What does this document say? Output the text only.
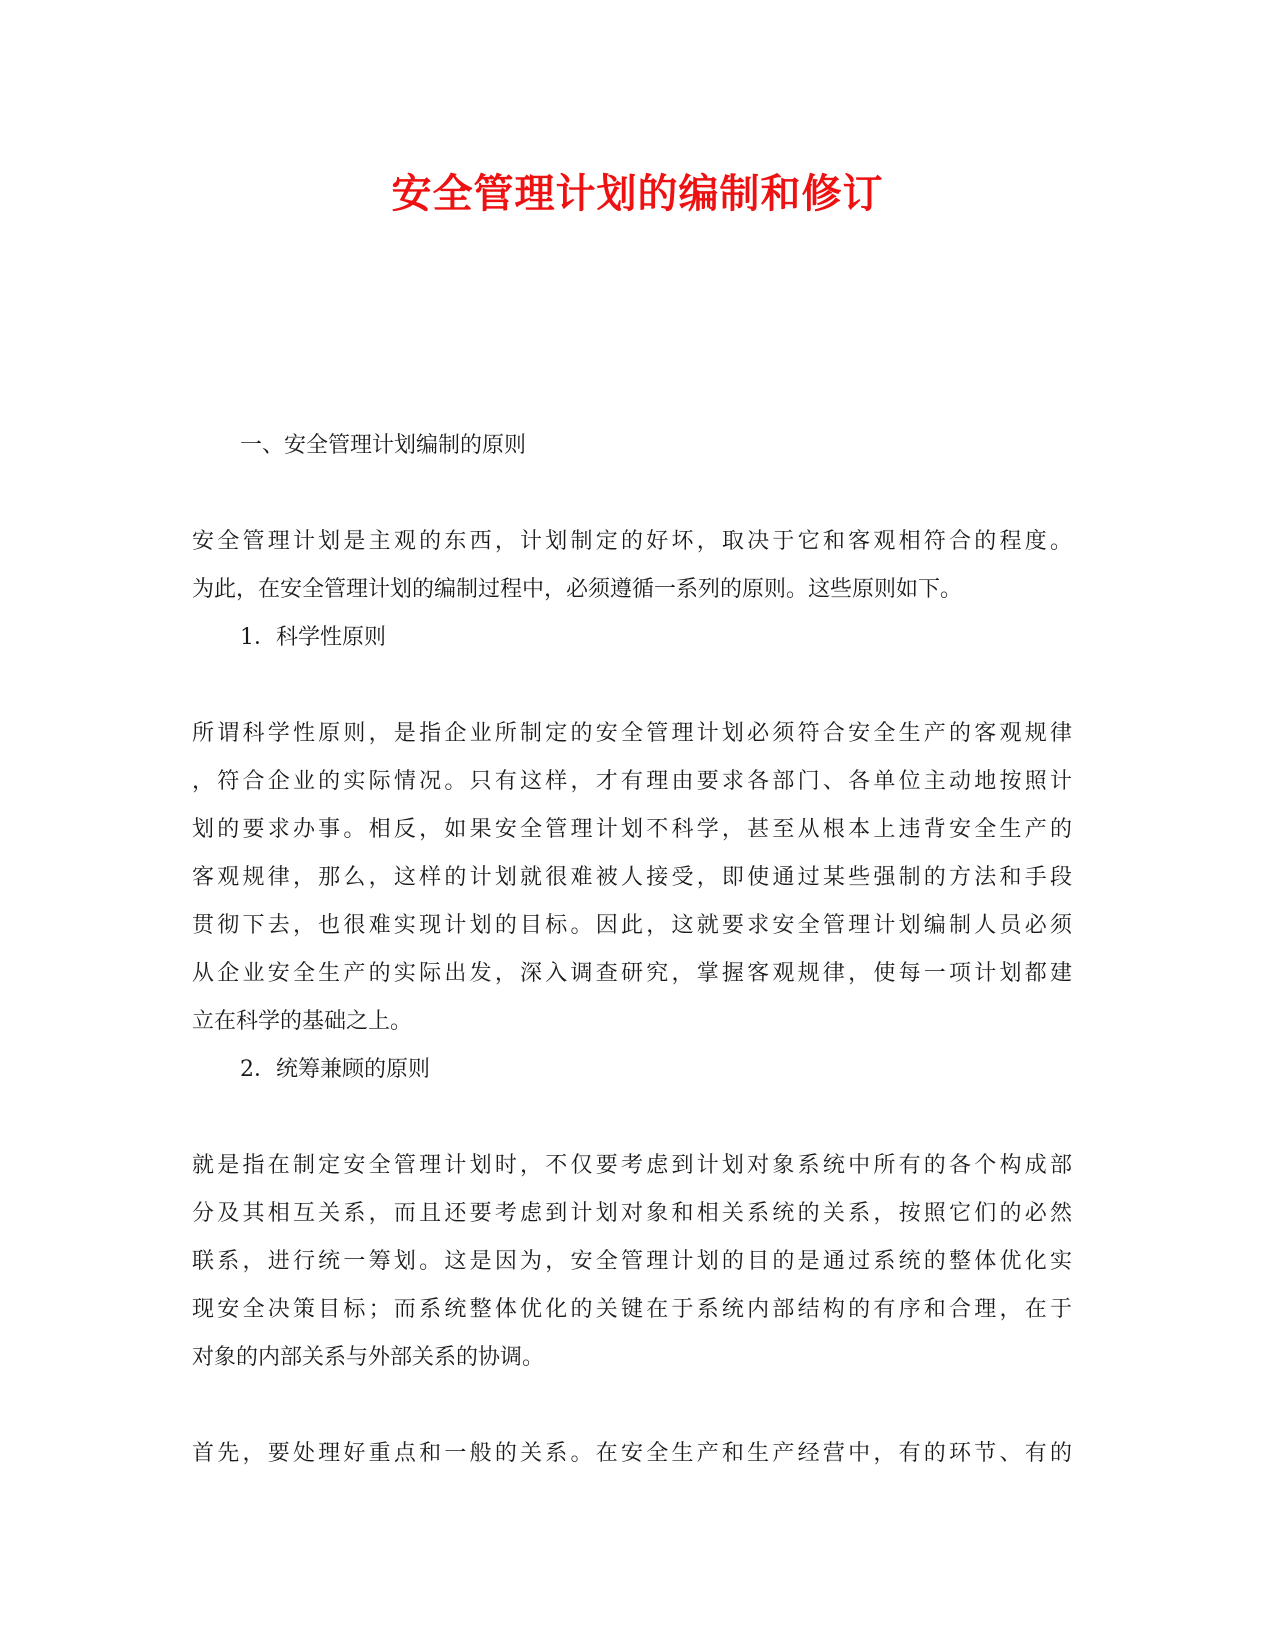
安全管理计划的编制和修订
一、安全管理计划编制的原则
安全管理计划是主观的东西，计划制定的好坏，取决于它和客观相符合的程度。
为此，在安全管理计划的编制过程中，必须遵循一系列的原则。这些原则如下。
1．科学性原则
所谓科学性原则，是指企业所制定的安全管理计划必须符合安全生产的客观规律
，符合企业的实际情况。只有这样，才有理由要求各部门、各单位主动地按照计
划的要求办事。相反，如果安全管理计划不科学，甚至从根本上违背安全生产的
客观规律，那么，这样的计划就很难被人接受，即使通过某些强制的方法和手段
贯彻下去，也很难实现计划的目标。因此，这就要求安全管理计划编制人员必须
从企业安全生产的实际出发，深入调查研究，掌握客观规律，使每一项计划都建
立在科学的基础之上。
2．统筹兼顾的原则
就是指在制定安全管理计划时，不仅要考虑到计划对象系统中所有的各个构成部
分及其相互关系，而且还要考虑到计划对象和相关系统的关系，按照它们的必然
联系，进行统一筹划。这是因为，安全管理计划的目的是通过系统的整体优化实
现安全决策目标；而系统整体优化的关键在于系统内部结构的有序和合理，在于
对象的内部关系与外部关系的协调。
首先，要处理好重点和一般的关系。在安全生产和生产经营中，有的环节、有的
